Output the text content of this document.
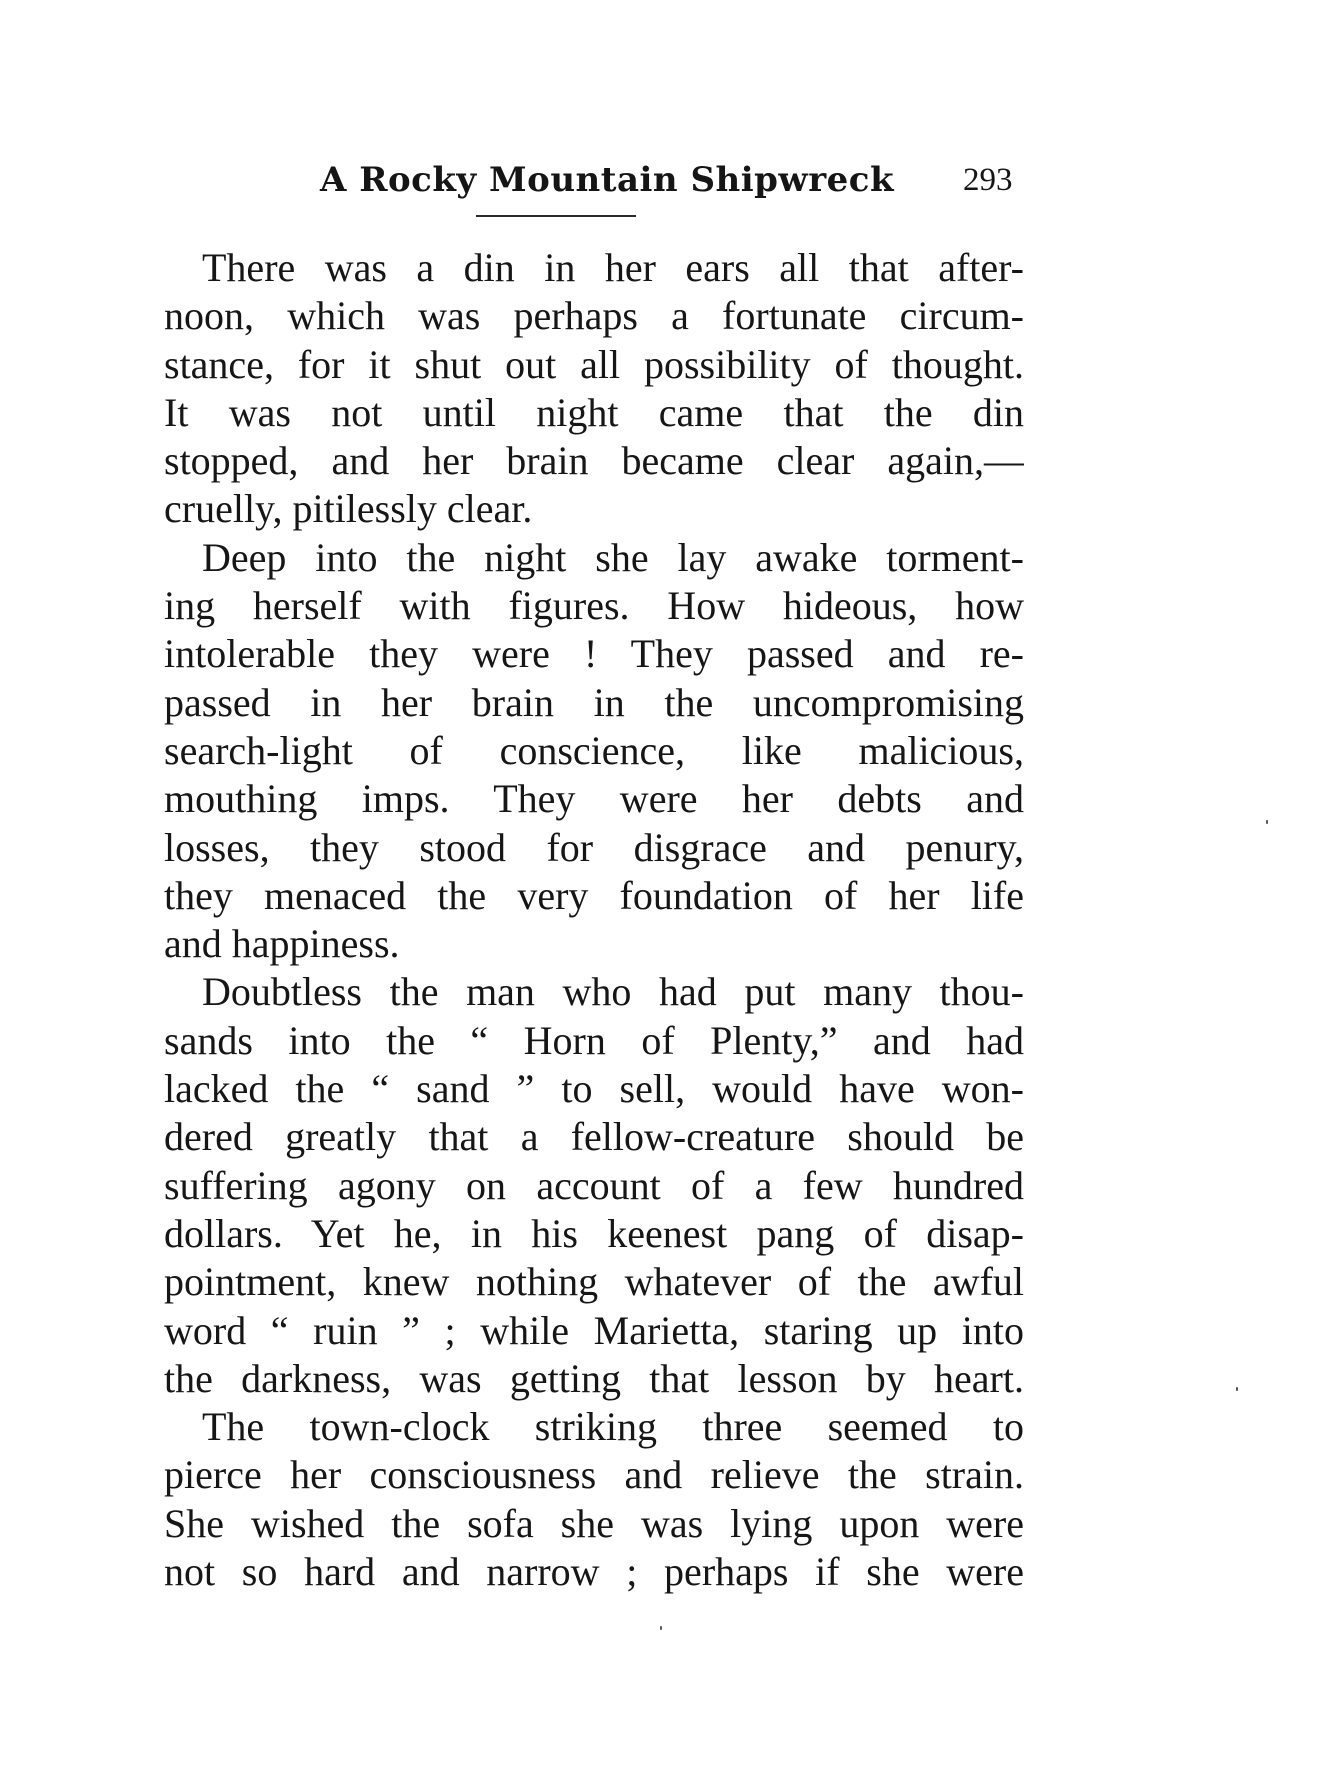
A Rocky Mountain Shipwreck 293
There was a din in her ears all that after-
noon, which was perhaps a fortunate circum-
stance, for it shut out all possibility of thought.
It was not until night came that the din
stopped, and her brain became clear again,—
cruelly, pitilessly clear.
Deep into the night she lay awake torment-
ing herself with figures. How hideous, how
intolerable they were ! They passed and re-
passed in her brain in the uncompromising
search-light of conscience, like malicious,
mouthing imps. They were her debts and
losses, they stood for disgrace and penury,
they menaced the very foundation of her life
and happiness.
Doubtless the man who had put many thou-
sands into the “ Horn of Plenty,” and had
lacked the “ sand ” to sell, would have won-
dered greatly that a fellow-creature should be
suffering agony on account of a few hundred
dollars. Yet he, in his keenest pang of disap-
pointment, knew nothing whatever of the awful
word “ ruin ” ; while Marietta, staring up into
the darkness, was getting that lesson by heart.
The town-clock striking three seemed to
pierce her consciousness and relieve the strain.
She wished the sofa she was lying upon were
not so hard and narrow ; perhaps if she were
